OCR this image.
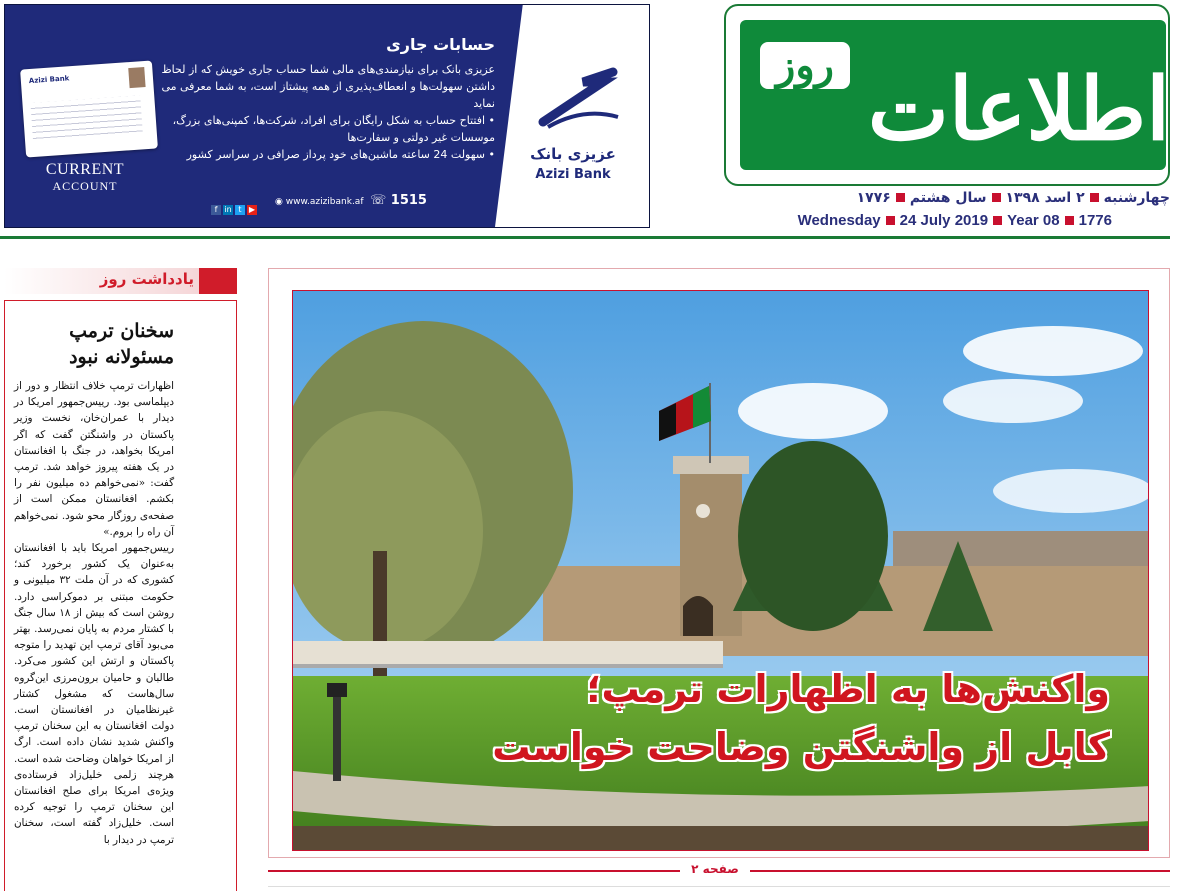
عزیزی بانک
Azizi Bank
حسابات جاری

عزیزی بانک برای نیازمندی‌های مالی شما حساب جاری خویش که از لحاظ داشتن سهولت‌ها و انعطاف‌پذیری از همه پیشتاز است، به شما معرفی می نماید

• افتتاح حساب به شکل رایگان برای افراد، شرکت‌ها، کمپنی‌های بزرگ، موسسات غیر دولتی و سفارت‌ها

• سهولت 24 ساعته ماشین‌های خود پرداز صرافی در سراسر کشور

Azizi Bank
CURRENT
ACCOUNT
f in t ▶
◉ www.azizibank.af ☏ 1515
اطلاعات
روز
چهارشنبه۲ اسد ۱۳۹۸سال هشتم۱۷۷۶
Wednesday 24 July 2019 Year 08 1776
یادداشت روز
سخنان ترمپ مسئولانه نبود

اظهارات ترمپ خلاف انتظار و دور از دیپلماسی بود. رییس‌جمهور امریکا در دیدار با عمران‌خان، نخست وزیر پاکستان در واشنگتن گفت که اگر امریکا بخواهد، در جنگ با افغانستان در یک هفته پیروز خواهد شد. ترمپ گفت: «نمی‌خواهم ده میلیون نفر را بکشم. افغانستان ممکن است از صفحه‌ی روزگار محو شود. نمی‌خواهم آن راه را بروم.»

رییس‌جمهور امریکا باید با افغانستان به‌عنوان یک کشور برخورد کند؛ کشوری که در آن ملت ۳۲ میلیونی و حکومت مبتنی بر دموکراسی دارد. روشن است که بیش از ۱۸ سال جنگ با کشتار مردم به پایان نمی‌رسد. بهتر می‌بود آقای ترمپ این تهدید را متوجه پاکستان و ارتش این کشور می‌کرد. طالبان و حامیان برون‌مرزی این‌گروه سال‌هاست که مشغول کشتار غیرنظامیان در افغانستان است. دولت افغانستان به این سخنان ترمپ واکنش شدید نشان داده است. ارگ از امریکا خواهان وضاحت شده است. هرچند زلمی خلیل‌زاد فرستاده‌ی ویژه‌ی امریکا برای صلح افغانستان این سخنان ترمپ را توجیه کرده است. خلیل‌زاد گفته است، سخنان ترمپ در دیدار با

واکنش‌ها به اظهارات ترمپ؛
کابل از واشنگتن وضاحت خواست
صفحه ۲
